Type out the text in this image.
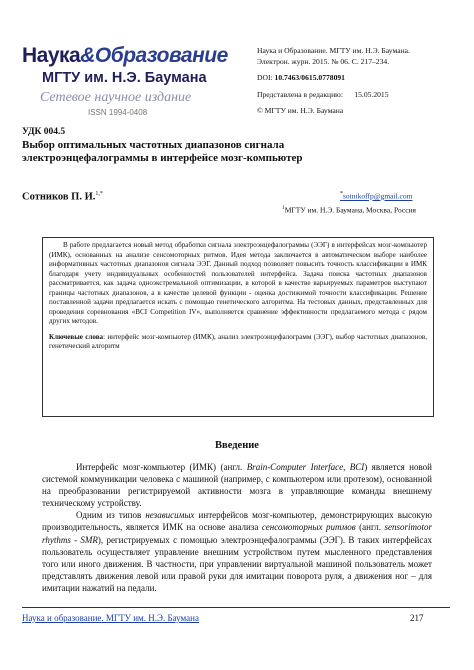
Наука&Образование
МГТУ им. Н.Э. Баумана
Сетевое научное издание
ISSN 1994-0408
Наука и Образование. МГТУ им. Н.Э. Баумана.
Электрон. журн. 2015. № 06. С. 217–234.
DOI: 10.7463/0615.0778091
Представлена в редакцию: 15.05.2015
© МГТУ им. Н.Э. Баумана
УДК 004.5
Выбор оптимальных частотных диапазонов сигнала электроэнцефалограммы в интерфейсе мозг-компьютер
Сотников П. И.$^{1,*}$	*sotnikoffp@gmail.com
$^1$МГТУ им. Н.Э. Баумана, Москва, Россия

В работе предлагается новый метод обработки сигнала электроэнцефалограммы (ЭЭГ) в интерфейсах мозг-компьютер (ИМК), основанных на анализе сенсомоторных ритмов. Идея метода заключается в автоматическом выборе наиболее информативных частотных диапазонов сигнала ЭЭГ. Данный подход позволяет повысить точность классификации в ИМК благодаря учету индивидуальных особенностей пользователей интерфейса. Задача поиска частотных диапазонов рассматривается, как задача одноэкстремальной оптимизации, в которой в качестве варьируемых параметров выступают границы частотных диапазонов, а в качестве целевой функции - оценка достижимой точности классификации. Решение поставленной задачи предлагается искать с помощью генетического алгоритма. На тестовых данных, представленных для проведения соревнования «BCI Competition IV», выполняется сравнение эффективности предлагаемого метода с рядом других методов.

Ключевые слова: интерфейс мозг-компьютер (ИМК), анализ электроэнцефалограмм (ЭЭГ), выбор частотных диапазонов, генетический алгоритм

Введение

Интерфейс мозг-компьютер (ИМК) (англ. Brain-Computer Interface, BCI) является новой системой коммуникации человека с машиной (например, с компьютером или протезом), основанной на преобразовании регистрируемой активности мозга в управляющие команды внешнему техническому устройству.

Одним из типов независимых интерфейсов мозг-компьютер, демонстрирующих высокую производительность, является ИМК на основе анализа сенсомоторных ритмов (англ. sensorimotor rhythms - SMR), регистрируемых с помощью электроэнцефалограммы (ЭЭГ). В таких интерфейсах пользователь осуществляет управление внешним устройством путем мысленного представления того или иного движения. В частности, при управлении виртуальной машиной пользователь может представлять движения левой или правой руки для имитации поворота руля, а движения ног – для имитации нажатий на педали.

Наука и образование. МГТУ им. Н.Э. Баумана	217
